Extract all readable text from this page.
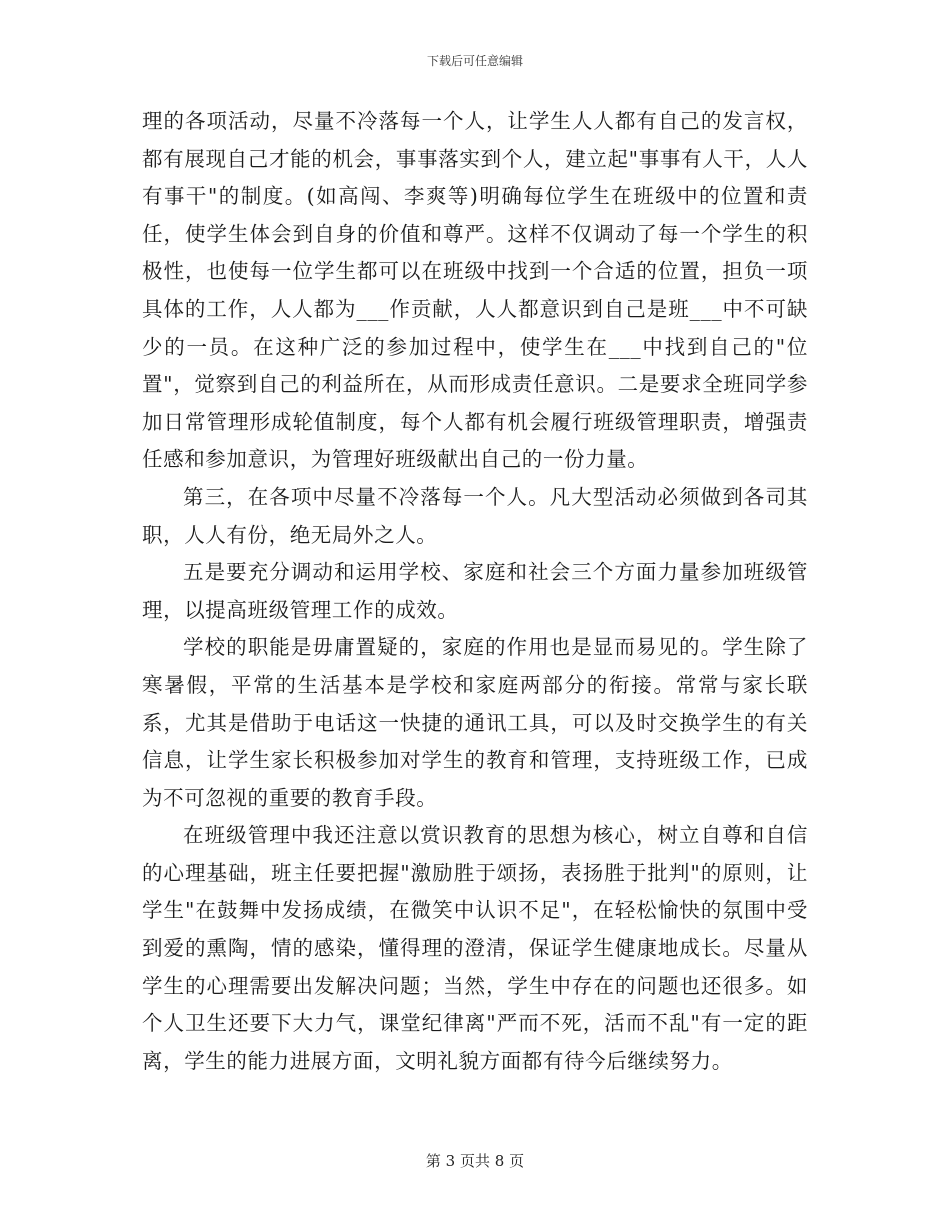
下载后可任意编辑

理的各项活动，尽量不冷落每一个人，让学生人人都有自己的发言权，都有展现自己才能的机会，事事落实到个人，建立起"事事有人干，人人有事干"的制度。(如高闯、李爽等)明确每位学生在班级中的位置和责任，使学生体会到自身的价值和尊严。这样不仅调动了每一个学生的积极性，也使每一位学生都可以在班级中找到一个合适的位置，担负一项具体的工作，人人都为___作贡献，人人都意识到自己是班___中不可缺少的一员。在这种广泛的参加过程中，使学生在___中找到自己的"位置"，觉察到自己的利益所在，从而形成责任意识。二是要求全班同学参加日常管理形成轮值制度，每个人都有机会履行班级管理职责，增强责任感和参加意识，为管理好班级献出自己的一份力量。

第三，在各项中尽量不冷落每一个人。凡大型活动必须做到各司其职，人人有份，绝无局外之人。

五是要充分调动和运用学校、家庭和社会三个方面力量参加班级管理，以提高班级管理工作的成效。

学校的职能是毋庸置疑的，家庭的作用也是显而易见的。学生除了寒暑假，平常的生活基本是学校和家庭两部分的衔接。常常与家长联系，尤其是借助于电话这一快捷的通讯工具，可以及时交换学生的有关信息，让学生家长积极参加对学生的教育和管理，支持班级工作，已成为不可忽视的重要的教育手段。

在班级管理中我还注意以赏识教育的思想为核心，树立自尊和自信的心理基础，班主任要把握"激励胜于颂扬，表扬胜于批判"的原则，让学生"在鼓舞中发扬成绩，在微笑中认识不足"，在轻松愉快的氛围中受到爱的熏陶，情的感染，懂得理的澄清，保证学生健康地成长。尽量从学生的心理需要出发解决问题；当然，学生中存在的问题也还很多。如个人卫生还要下大力气，课堂纪律离"严而不死，活而不乱"有一定的距离，学生的能力进展方面，文明礼貌方面都有待今后继续努力。

第 3 页共 8 页
